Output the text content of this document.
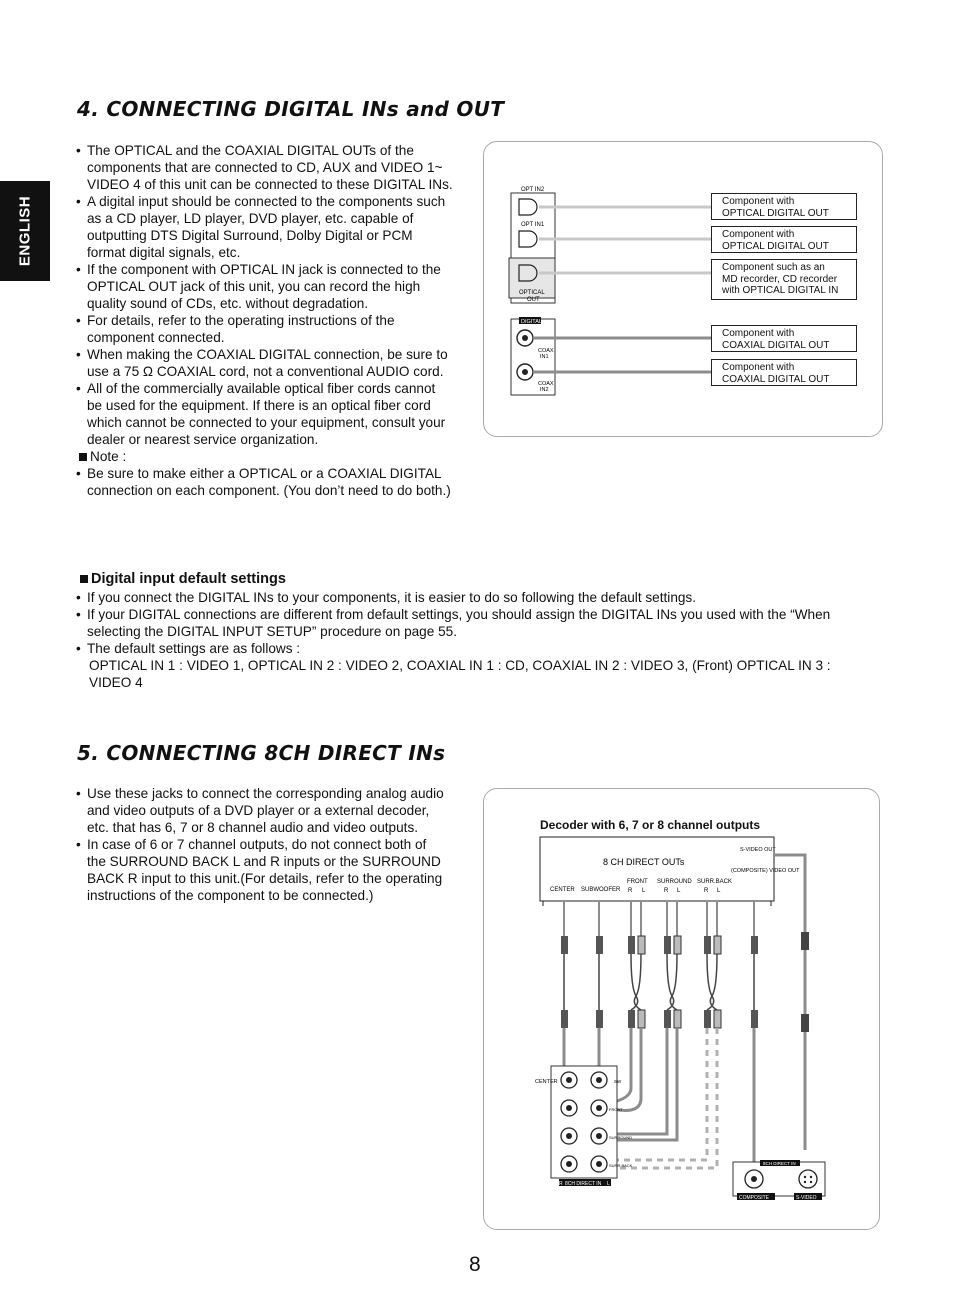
ENGLISH
4. CONNECTING DIGITAL INs and OUT

• The OPTICAL and the COAXIAL DIGITAL OUTs of the components that are connected to CD, AUX and VIDEO 1~ VIDEO 4 of this unit can be connected to these DIGITAL INs.

• A digital input should be connected to the components such as a CD player, LD player, DVD player, etc. capable of outputting DTS Digital Surround, Dolby Digital or PCM format digital signals, etc.

• If the component with OPTICAL IN jack is connected to the OPTICAL OUT jack of this unit, you can record the high quality sound of CDs, etc. without degradation.

• For details, refer to the operating instructions of the component connected.

• When making the COAXIAL DIGITAL connection, be sure to use a 75 Ω COAXIAL cord, not a conventional AUDIO cord.

• All of the commercially available optical fiber cords cannot be used for the equipment. If there is an optical fiber cord which cannot be connected to your equipment, consult your dealer or nearest service organization.

Note :

• Be sure to make either a OPTICAL or a COAXIAL DIGITAL connection on each component. (You don’t need to do both.)

OPT IN2
OPT IN1
OPTICAL
OUT
DIGITAL
COAX
IN1
COAX
IN2
Component with
OPTICAL DIGITAL OUT
Component with
OPTICAL DIGITAL OUT
Component such as an
MD recorder, CD recorder
with OPTICAL DIGITAL IN
Component with
COAXIAL DIGITAL OUT
Component with
COAXIAL DIGITAL OUT
Digital input default settings

• If you connect the DIGITAL INs to your components, it is easier to do so following the default settings.

• If your DIGITAL connections are different from default settings, you should assign the DIGITAL INs you used with the “When selecting the DIGITAL INPUT SETUP” procedure on page 55.

• The default settings are as follows :

OPTICAL IN 1 : VIDEO 1, OPTICAL IN 2 : VIDEO 2, COAXIAL IN 1 : CD, COAXIAL IN 2 : VIDEO 3, (Front) OPTICAL IN 3 : VIDEO 4

5. CONNECTING 8CH DIRECT INs

• Use these jacks to connect the corresponding analog audio and video outputs of a DVD player or a external decoder, etc. that has 6, 7 or 8 channel audio and video outputs.

• In case of 6 or 7 channel outputs, do not connect both of the SURROUND BACK L and R inputs or the SURROUND BACK R input to this unit.(For details, refer to the operating instructions of the component to be connected.)

Decoder with 6, 7 or 8 channel outputs
8 CH DIRECT OUTs
S-VIDEO OUT
(COMPOSITE) VIDEO OUT
CENTER SUBWOOFER
FRONT SURROUND SURR.BACK
R L	R L	R L
CENTER	SW
FRONT
SURROUND
SURR BACK
8CH DIRECT IN
R	L
8CH DIRECT IN
COMPOSITE	S-VIDEO
8
